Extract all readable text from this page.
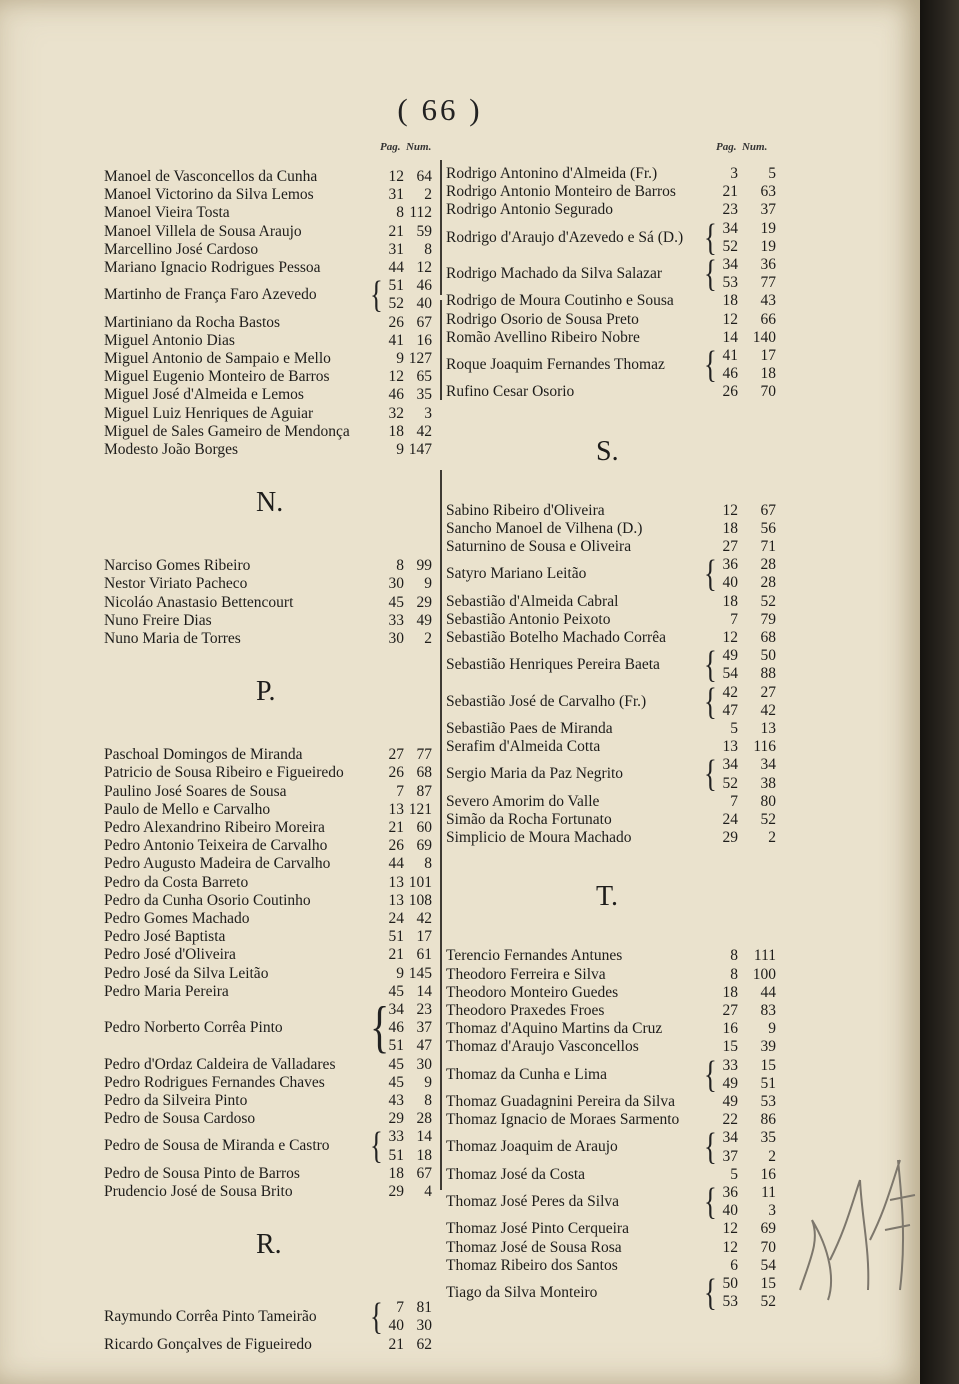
( 66 )
Pag. Num.	Pag. Num.
Manoel de Vasconcellos da Cunha	12 64
Manoel Victorino da Silva Lemos	31	2
Manoel Vieira Tosta	8 112
Manoel Villela de Sousa Araujo	21 59
Marcellino José Cardoso	31	8
Mariano Ignacio Rodrigues Pessoa	44 12
Martinho de França Faro Azevedo { 51 46
52 40
Martiniano da Rocha Bastos	26 67
Miguel Antonio Dias	41 16
Miguel Antonio de Sampaio e Mello	9 127
Miguel Eugenio Monteiro de Barros	12 65
Miguel José d'Almeida e Lemos	46 35
Miguel Luiz Henriques de Aguiar	32	3
Miguel de Sales Gameiro de Mendonça	18 42
Modesto João Borges	9 147
N.
Narciso Gomes Ribeiro	8 99
Nestor Viriato Pacheco	30	9
Nicoláo Anastasio Bettencourt	45 29
Nuno Freire Dias	33 49
Nuno Maria de Torres	30	2
P.
Paschoal Domingos de Miranda	27 77
Patricio de Sousa Ribeiro e Figueiredo	26 68
Paulino José Soares de Sousa	7 87
Paulo de Mello e Carvalho	13 121
Pedro Alexandrino Ribeiro Moreira	21 60
Pedro Antonio Teixeira de Carvalho	26 69
Pedro Augusto Madeira de Carvalho	44	8
Pedro da Costa Barreto	13 101
Pedro da Cunha Osorio Coutinho	13 108
Pedro Gomes Machado	24 42
Pedro José Baptista	51 17
Pedro José d'Oliveira	21 61
Pedro José da Silva Leitão	9 145
Pedro Maria Pereira	45 14
Pedro Norberto Corrêa Pinto { 34 23
46 37
51 47
Pedro d'Ordaz Caldeira de Valladares	45 30
Pedro Rodrigues Fernandes Chaves	45	9
Pedro da Silveira Pinto	43	8
Pedro de Sousa Cardoso	29 28
Pedro de Sousa de Miranda e Castro { 33 14
51 18
Pedro de Sousa Pinto de Barros	18 67
Prudencio José de Sousa Brito	29	4
R.
Raymundo Corrêa Pinto Tameirão { 7 81
40 30
Ricardo Gonçalves de Figueiredo	21 62
Rodrigo Antonino d'Almeida (Fr.)	3	5
Rodrigo Antonio Monteiro de Barros	21	63
Rodrigo Antonio Segurado	23	37
Rodrigo d'Araujo d'Azevedo e Sá (D.) { 34	19
52	19
Rodrigo Machado da Silva Salazar { 34	36
53	77
Rodrigo de Moura Coutinho e Sousa	18	43
Rodrigo Osorio de Sousa Preto	12	66
Romão Avellino Ribeiro Nobre	14 140
Roque Joaquim Fernandes Thomaz { 41	17
46	18
Rufino Cesar Osorio	26	70
S.
Sabino Ribeiro d'Oliveira	12	67
Sancho Manoel de Vilhena (D.)	18	56
Saturnino de Sousa e Oliveira	27	71
Satyro Mariano Leitão	{ 36	28
40	28
Sebastião d'Almeida Cabral	18	52
Sebastião Antonio Peixoto	7	79
Sebastião Botelho Machado Corrêa	12	68
Sebastião Henriques Pereira Baeta { 49	50
54	88
Sebastião José de Carvalho (Fr.) { 42	27
47	42
Sebastião Paes de Miranda	5	13
Serafim d'Almeida Cotta	13 116
Sergio Maria da Paz Negrito { 34	34
52	38
Severo Amorim do Valle	7	80
Simão da Rocha Fortunato	24	52
Simplicio de Moura Machado	29	2
T.
Terencio Fernandes Antunes	8	111
Theodoro Ferreira e Silva	8 100
Theodoro Monteiro Guedes	18	44
Theodoro Praxedes Froes	27	83
Thomaz d'Aquino Martins da Cruz	16	9
Thomaz d'Araujo Vasconcellos	15	39
Thomaz da Cunha e Lima	{ 33	15
49	51
Thomaz Guadagnini Pereira da Silva	49	53
Thomaz Ignacio de Moraes Sarmento	22	86
Thomaz Joaquim de Araujo { 34	35
37	2
Thomaz José da Costa	5	16
Thomaz José Peres da Silva { 36	11
40	3
Thomaz José Pinto Cerqueira	12	69
Thomaz José de Sousa Rosa	12	70
Thomaz Ribeiro dos Santos	6	54
Tiago da Silva Monteiro	{ 50	15
53	52
